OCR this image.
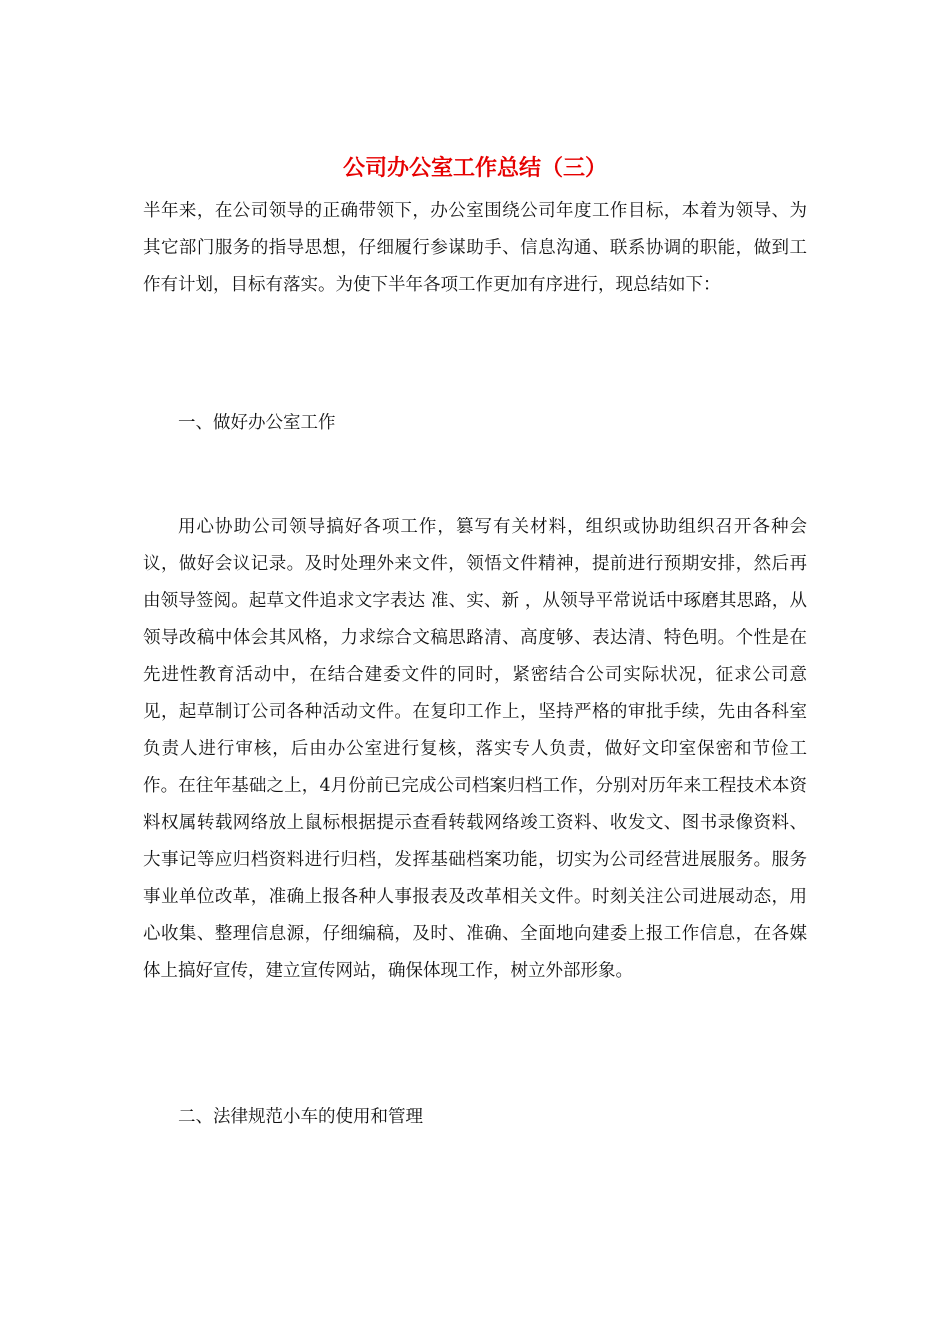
公司办公室工作总结（三）

半年来，在公司领导的正确带领下，办公室围绕公司年度工作目标，本着为领导、为其它部门服务的指导思想，仔细履行参谋助手、信息沟通、联系协调的职能，做到工作有计划，目标有落实。为使下半年各项工作更加有序进行，现总结如下：

一、做好办公室工作

用心协助公司领导搞好各项工作，篡写有关材料，组织或协助组织召开各种会议，做好会议记录。及时处理外来文件，领悟文件精神，提前进行预期安排，然后再由领导签阅。起草文件追求文字表达 准、实、新 ，从领导平常说话中琢磨其思路，从领导改稿中体会其风格，力求综合文稿思路清、高度够、表达清、特色明。个性是在先进性教育活动中，在结合建委文件的同时，紧密结合公司实际状况，征求公司意见，起草制订公司各种活动文件。在复印工作上，坚持严格的审批手续，先由各科室负责人进行审核，后由办公室进行复核，落实专人负责，做好文印室保密和节俭工作。在往年基础之上，4月份前已完成公司档案归档工作，分别对历年来工程技术本资料权属转载网络放上鼠标根据提示查看转载网络竣工资料、收发文、图书录像资料、大事记等应归档资料进行归档，发挥基础档案功能，切实为公司经营进展服务。服务事业单位改革，准确上报各种人事报表及改革相关文件。时刻关注公司进展动态，用心收集、整理信息源，仔细编稿，及时、准确、全面地向建委上报工作信息，在各媒体上搞好宣传，建立宣传网站，确保体现工作，树立外部形象。

二、法律规范小车的使用和管理
